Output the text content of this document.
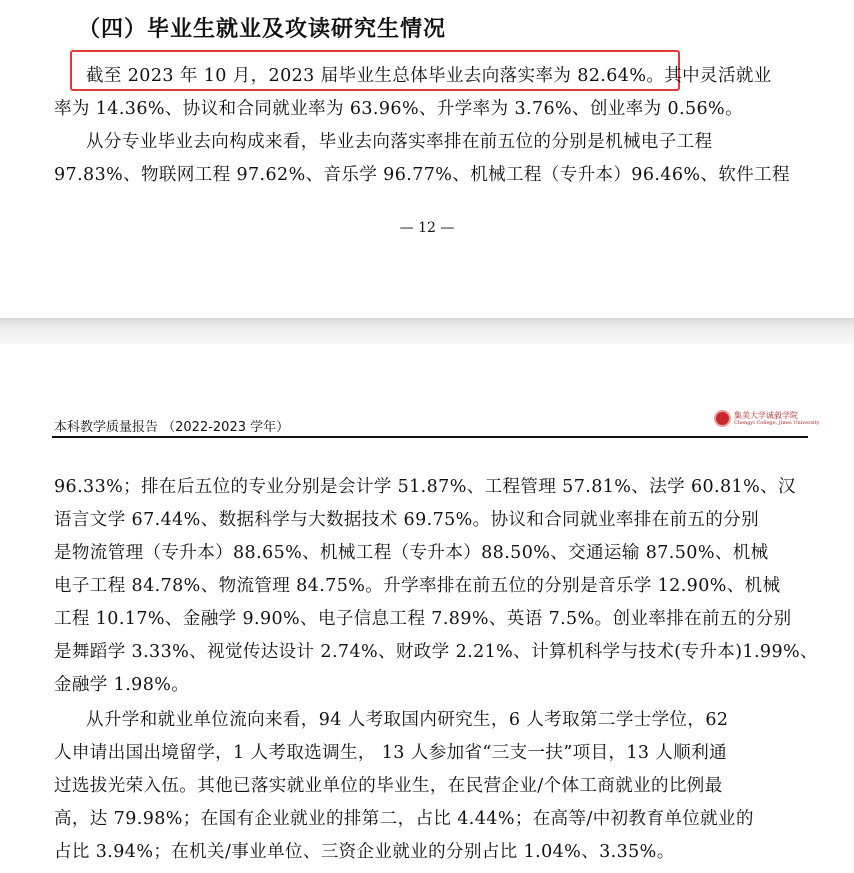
（四）毕业生就业及攻读研究生情况
截至 2023 年 10 月，2023 届毕业生总体毕业去向落实率为 82.64%。其中灵活就业
率为 14.36%、协议和合同就业率为 63.96%、升学率为 3.76%、创业率为 0.56%。
从分专业毕业去向构成来看，毕业去向落实率排在前五位的分别是机械电子工程
97.83%、物联网工程 97.62%、音乐学 96.77%、机械工程（专升本）96.46%、软件工程
— 12 —
本科教学质量报告 （2022-2023 学年）
集美大学诚毅学院
Chengyi College, Jimei University
96.33%；排在后五位的专业分别是会计学 51.87%、工程管理 57.81%、法学 60.81%、汉
语言文学 67.44%、数据科学与大数据技术 69.75%。协议和合同就业率排在前五的分别
是物流管理（专升本）88.65%、机械工程（专升本）88.50%、交通运输 87.50%、机械
电子工程 84.78%、物流管理 84.75%。升学率排在前五位的分别是音乐学 12.90%、机械
工程 10.17%、金融学 9.90%、电子信息工程 7.89%、英语 7.5%。创业率排在前五的分别
是舞蹈学 3.33%、视觉传达设计 2.74%、财政学 2.21%、计算机科学与技术(专升本)1.99%、
金融学 1.98%。
从升学和就业单位流向来看，94 人考取国内研究生，6 人考取第二学士学位，62
人申请出国出境留学，1 人考取选调生， 13 人参加省“三支一扶”项目，13 人顺利通
过选拔光荣入伍。其他已落实就业单位的毕业生，在民营企业/个体工商就业的比例最
高，达 79.98%；在国有企业就业的排第二，占比 4.44%；在高等/中初教育单位就业的
占比 3.94%；在机关/事业单位、三资企业就业的分别占比 1.04%、3.35%。
